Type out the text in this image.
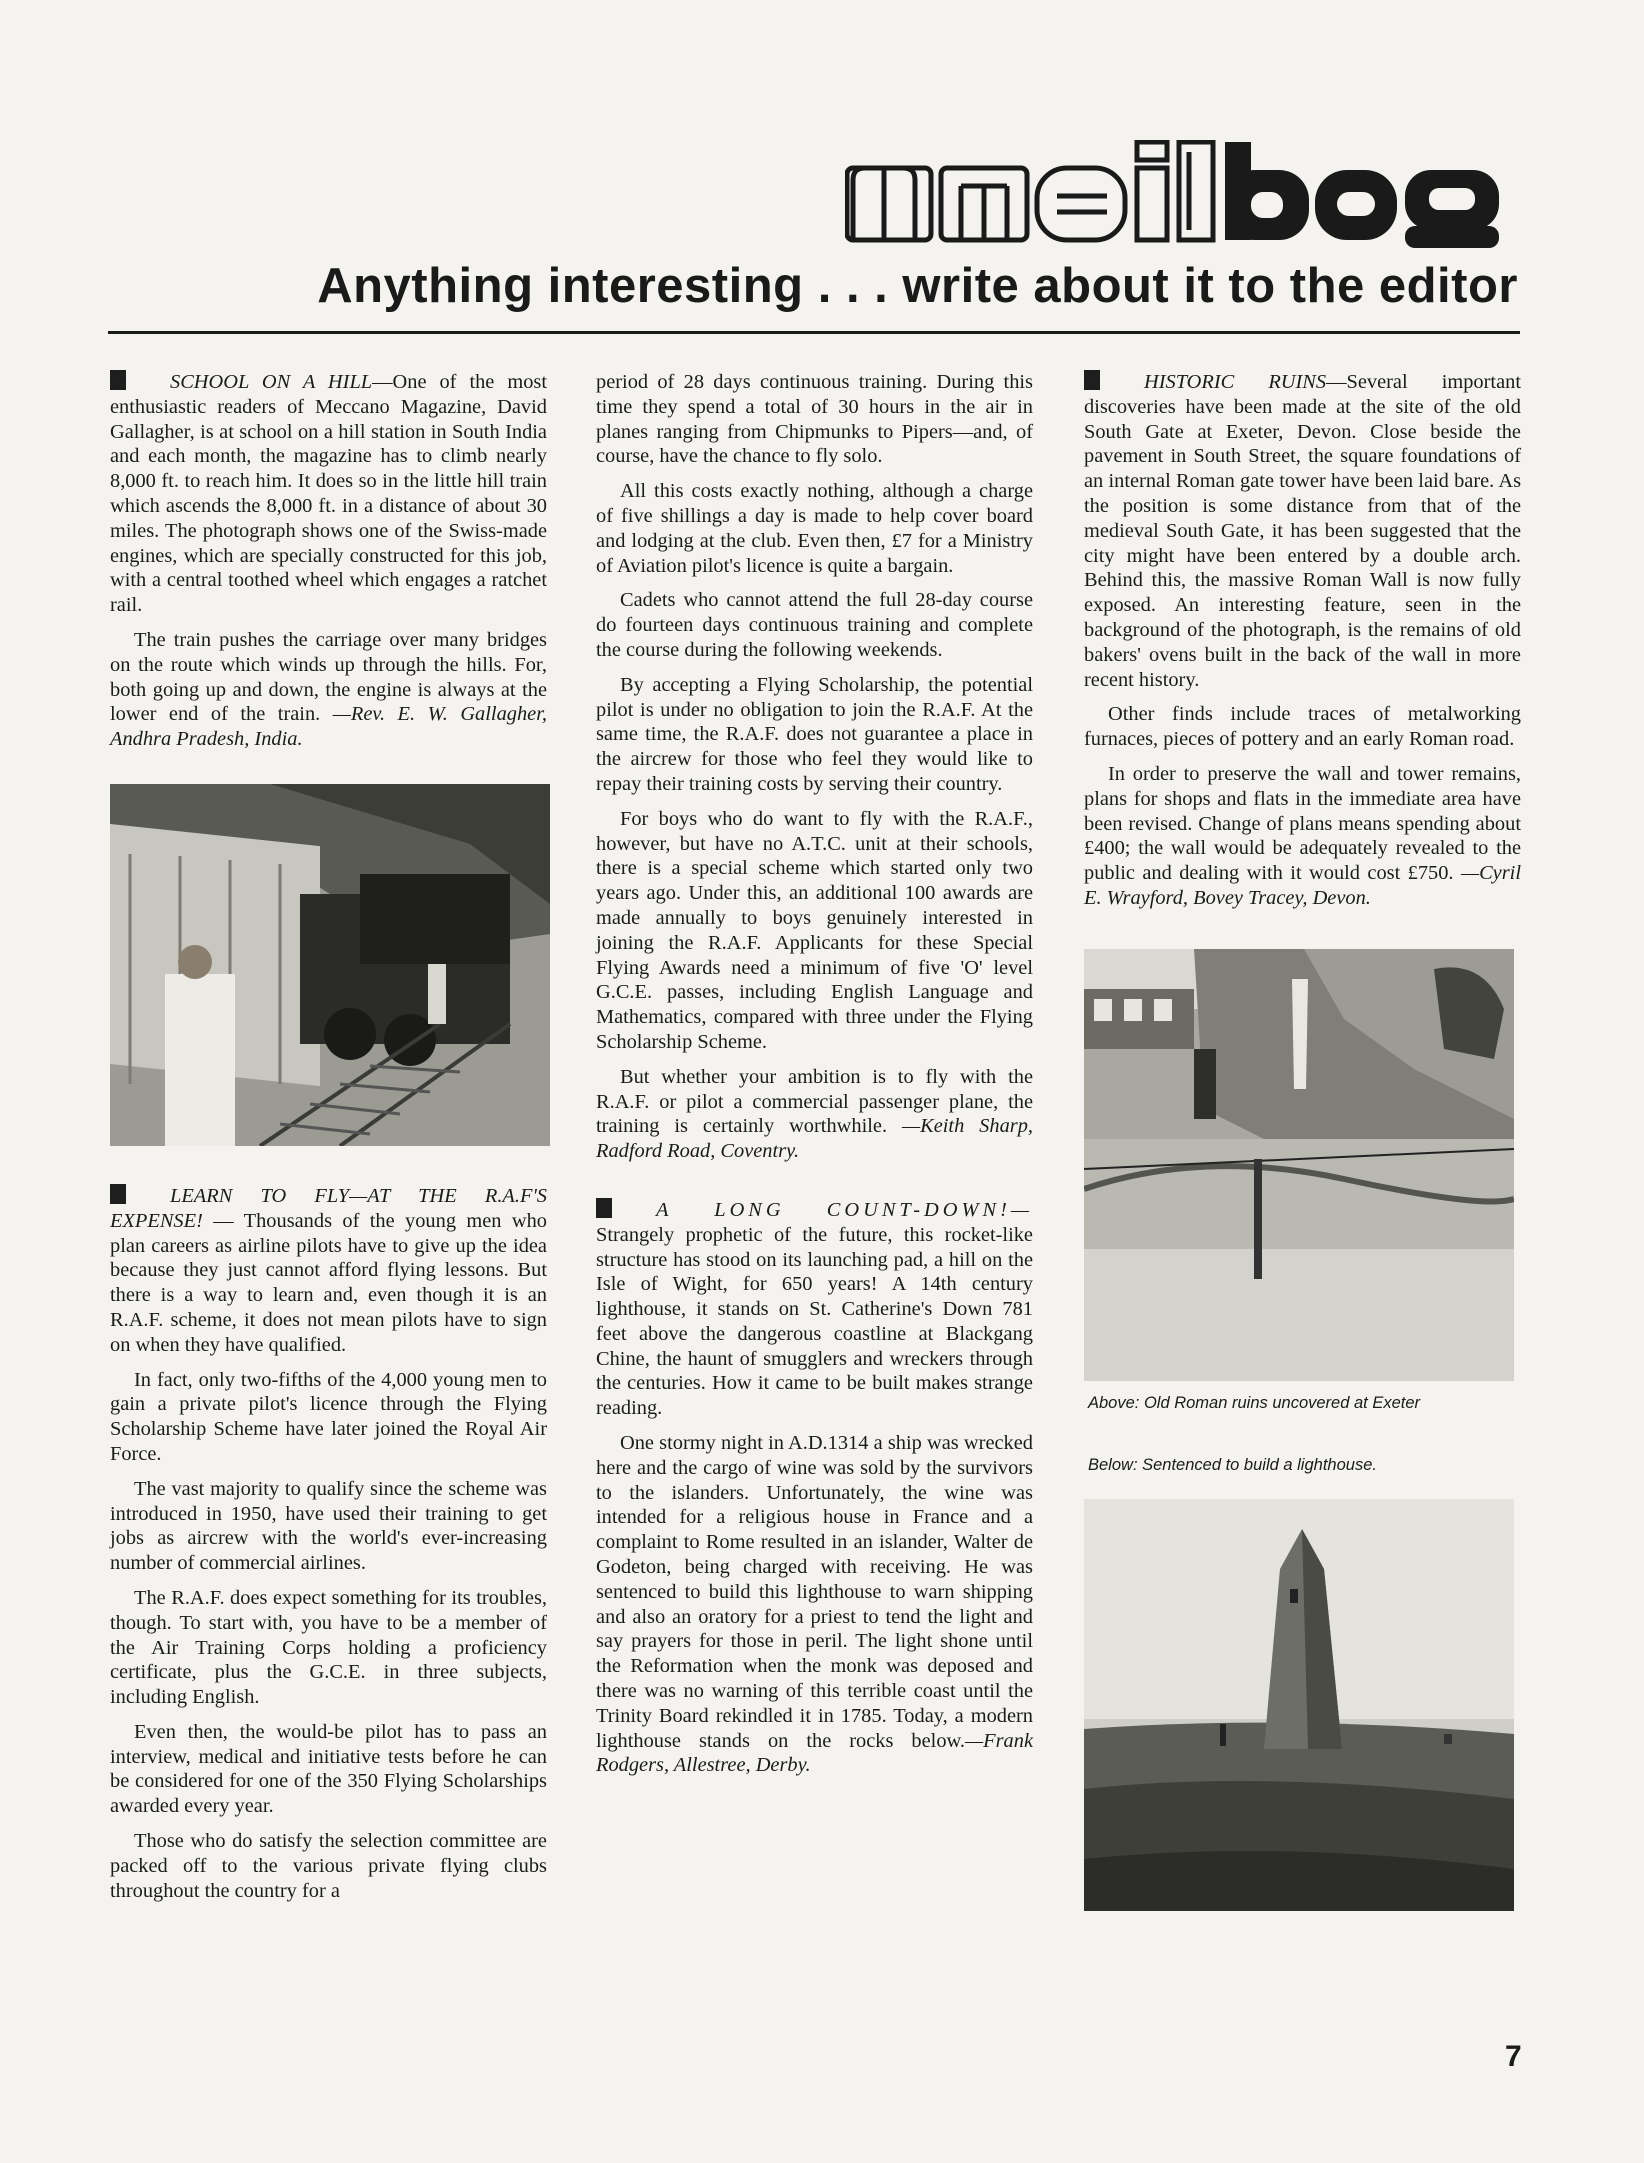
Anything interesting . . . write about it to the editor

SCHOOL ON A HILL—One of the most enthusiastic readers of Meccano Magazine, David Gallagher, is at school on a hill station in South India and each month, the magazine has to climb nearly 8,000 ft. to reach him. It does so in the little hill train which ascends the 8,000 ft. in a distance of about 30 miles. The photograph shows one of the Swiss-made engines, which are specially constructed for this job, with a central toothed wheel which engages a ratchet rail.

The train pushes the carriage over many bridges on the route which winds up through the hills. For, both going up and down, the engine is always at the lower end of the train. —Rev. E. W. Gallagher, Andhra Pradesh, India.

LEARN TO FLY—AT THE R.A.F'S EXPENSE! — Thousands of the young men who plan careers as airline pilots have to give up the idea because they just cannot afford flying lessons. But there is a way to learn and, even though it is an R.A.F. scheme, it does not mean pilots have to sign on when they have qualified.

In fact, only two-fifths of the 4,000 young men to gain a private pilot's licence through the Flying Scholarship Scheme have later joined the Royal Air Force.

The vast majority to qualify since the scheme was introduced in 1950, have used their training to get jobs as aircrew with the world's ever-increasing number of commercial airlines.

The R.A.F. does expect something for its troubles, though. To start with, you have to be a member of the Air Training Corps holding a proficiency certificate, plus the G.C.E. in three subjects, including English.

Even then, the would-be pilot has to pass an interview, medical and initiative tests before he can be considered for one of the 350 Flying Scholarships awarded every year.

Those who do satisfy the selection committee are packed off to the various private flying clubs throughout the country for a

period of 28 days continuous training. During this time they spend a total of 30 hours in the air in planes ranging from Chipmunks to Pipers—and, of course, have the chance to fly solo.

All this costs exactly nothing, although a charge of five shillings a day is made to help cover board and lodging at the club. Even then, £7 for a Ministry of Aviation pilot's licence is quite a bargain.

Cadets who cannot attend the full 28-day course do fourteen days continuous training and complete the course during the following weekends.

By accepting a Flying Scholarship, the potential pilot is under no obligation to join the R.A.F. At the same time, the R.A.F. does not guarantee a place in the aircrew for those who feel they would like to repay their training costs by serving their country.

For boys who do want to fly with the R.A.F., however, but have no A.T.C. unit at their schools, there is a special scheme which started only two years ago. Under this, an additional 100 awards are made annually to boys genuinely interested in joining the R.A.F. Applicants for these Special Flying Awards need a minimum of five 'O' level G.C.E. passes, including English Language and Mathematics, compared with three under the Flying Scholarship Scheme.

But whether your ambition is to fly with the R.A.F. or pilot a commercial passenger plane, the training is certainly worthwhile. —Keith Sharp, Radford Road, Coventry.

A LONG COUNT-DOWN!— Strangely prophetic of the future, this rocket-like structure has stood on its launching pad, a hill on the Isle of Wight, for 650 years! A 14th century lighthouse, it stands on St. Catherine's Down 781 feet above the dangerous coastline at Blackgang Chine, the haunt of smugglers and wreckers through the centuries. How it came to be built makes strange reading.

One stormy night in A.D.1314 a ship was wrecked here and the cargo of wine was sold by the survivors to the islanders. Unfortunately, the wine was intended for a religious house in France and a complaint to Rome resulted in an islander, Walter de Godeton, being charged with receiving. He was sentenced to build this lighthouse to warn shipping and also an oratory for a priest to tend the light and say prayers for those in peril. The light shone until the Reformation when the monk was deposed and there was no warning of this terrible coast until the Trinity Board rekindled it in 1785. Today, a modern lighthouse stands on the rocks below.—Frank Rodgers, Allestree, Derby.

HISTORIC RUINS—Several important discoveries have been made at the site of the old South Gate at Exeter, Devon. Close beside the pavement in South Street, the square foundations of an internal Roman gate tower have been laid bare. As the position is some distance from that of the medieval South Gate, it has been suggested that the city might have been entered by a double arch. Behind this, the massive Roman Wall is now fully exposed. An interesting feature, seen in the background of the photograph, is the remains of old bakers' ovens built in the back of the wall in more recent history.

Other finds include traces of metalworking furnaces, pieces of pottery and an early Roman road.

In order to preserve the wall and tower remains, plans for shops and flats in the immediate area have been revised. Change of plans means spending about £400; the wall would be adequately revealed to the public and dealing with it would cost £750. —Cyril E. Wrayford, Bovey Tracey, Devon.

Above: Old Roman ruins uncovered at Exeter
Below: Sentenced to build a lighthouse.
7
